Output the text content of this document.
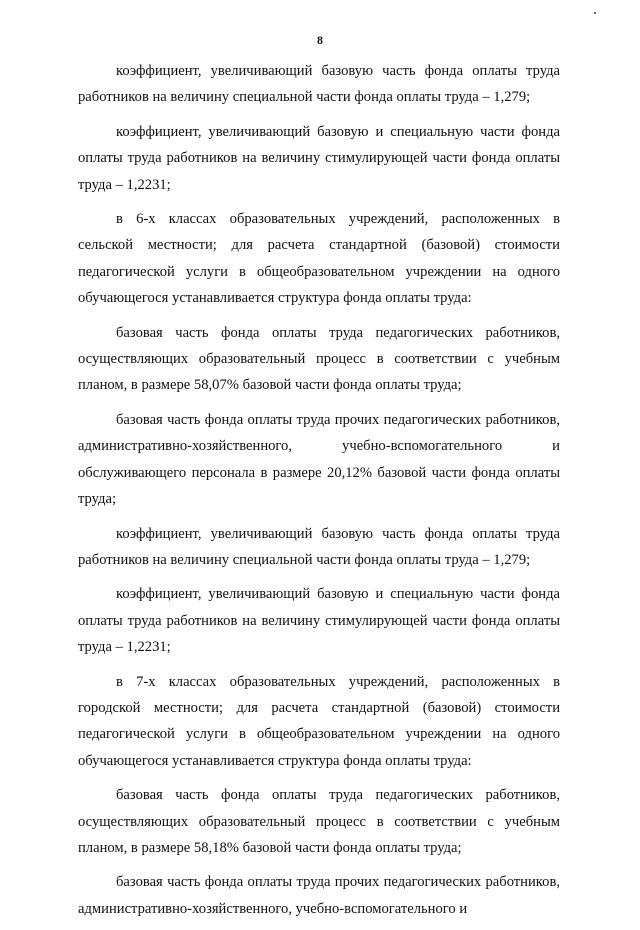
8

коэффициент, увеличивающий базовую часть фонда оплаты труда работников на величину специальной части фонда оплаты труда – 1,279;

коэффициент, увеличивающий базовую и специальную части фонда оплаты труда работников на величину стимулирующей части фонда оплаты труда – 1,2231;

в 6-х классах образовательных учреждений, расположенных в сельской местности; для расчета стандартной (базовой) стоимости педагогической услуги в общеобразовательном учреждении на одного обучающегося устанавливается структура фонда оплаты труда:

базовая часть фонда оплаты труда педагогических работников, осуществляющих образовательный процесс в соответствии с учебным планом, в размере 58,07% базовой части фонда оплаты труда;

базовая часть фонда оплаты труда прочих педагогических работников, административно-хозяйственного, учебно-вспомогательного и обслуживающего персонала в размере 20,12% базовой части фонда оплаты труда;

коэффициент, увеличивающий базовую часть фонда оплаты труда работников на величину специальной части фонда оплаты труда – 1,279;

коэффициент, увеличивающий базовую и специальную части фонда оплаты труда работников на величину стимулирующей части фонда оплаты труда – 1,2231;

в 7-х классах образовательных учреждений, расположенных в городской местности; для расчета стандартной (базовой) стоимости педагогической услуги в общеобразовательном учреждении на одного обучающегося устанавливается структура фонда оплаты труда:

базовая часть фонда оплаты труда педагогических работников, осуществляющих образовательный процесс в соответствии с учебным планом, в размере 58,18% базовой части фонда оплаты труда;

базовая часть фонда оплаты труда прочих педагогических работников, административно-хозяйственного, учебно-вспомогательного и
